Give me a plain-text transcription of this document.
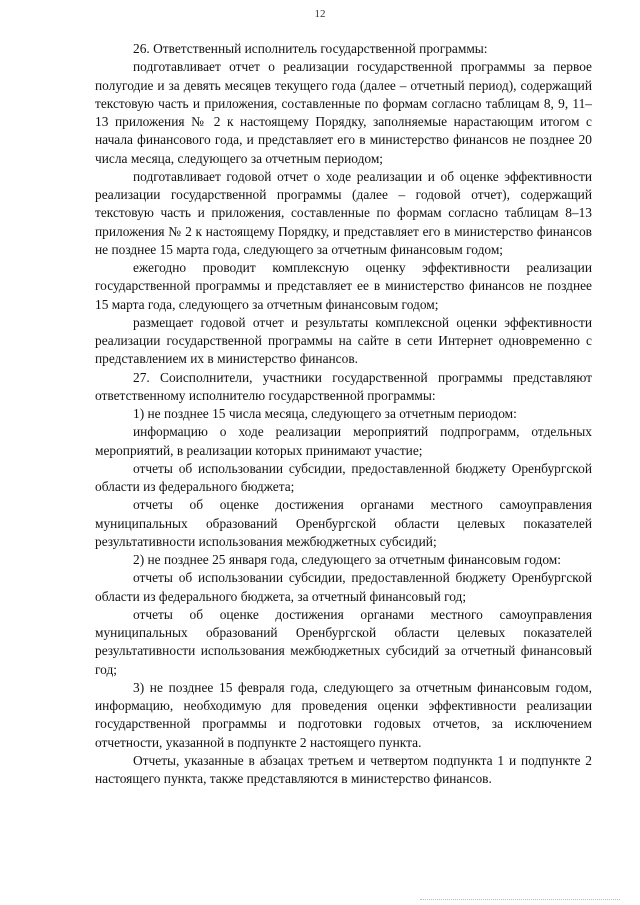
12

26. Ответственный исполнитель государственной программы:

подготавливает отчет о реализации государственной программы за первое полугодие и за девять месяцев текущего года (далее – отчетный период), содержащий текстовую часть и приложения, составленные по формам согласно таблицам 8, 9, 11–13 приложения № 2 к настоящему Порядку, заполняемые нарастающим итогом с начала финансового года, и представляет его в министерство финансов не позднее 20 числа месяца, следующего за отчетным периодом;

подготавливает годовой отчет о ходе реализации и об оценке эффективности реализации государственной программы (далее – годовой отчет), содержащий текстовую часть и приложения, составленные по формам согласно таблицам 8–13 приложения № 2 к настоящему Порядку, и представляет его в министерство финансов не позднее 15 марта года, следующего за отчетным финансовым годом;

ежегодно проводит комплексную оценку эффективности реализации государственной программы и представляет ее в министерство финансов не позднее 15 марта года, следующего за отчетным финансовым годом;

размещает годовой отчет и результаты комплексной оценки эффективности реализации государственной программы на сайте в сети Интернет одновременно с представлением их в министерство финансов.

27. Соисполнители, участники государственной программы представляют ответственному исполнителю государственной программы:

1) не позднее 15 числа месяца, следующего за отчетным периодом:

информацию о ходе реализации мероприятий подпрограмм, отдельных мероприятий, в реализации которых принимают участие;

отчеты об использовании субсидии, предоставленной бюджету Оренбургской области из федерального бюджета;

отчеты об оценке достижения органами местного самоуправления муниципальных образований Оренбургской области целевых показателей результативности использования межбюджетных субсидий;

2) не позднее 25 января года, следующего за отчетным финансовым годом:

отчеты об использовании субсидии, предоставленной бюджету Оренбургской области из федерального бюджета, за отчетный финансовый год;

отчеты об оценке достижения органами местного самоуправления муниципальных образований Оренбургской области целевых показателей результативности использования межбюджетных субсидий за отчетный финансовый год;

3) не позднее 15 февраля года, следующего за отчетным финансовым годом, информацию, необходимую для проведения оценки эффективности реализации государственной программы и подготовки годовых отчетов, за исключением отчетности, указанной в подпункте 2 настоящего пункта.

Отчеты, указанные в абзацах третьем и четвертом подпункта 1 и подпункте 2 настоящего пункта, также представляются в министерство финансов.
